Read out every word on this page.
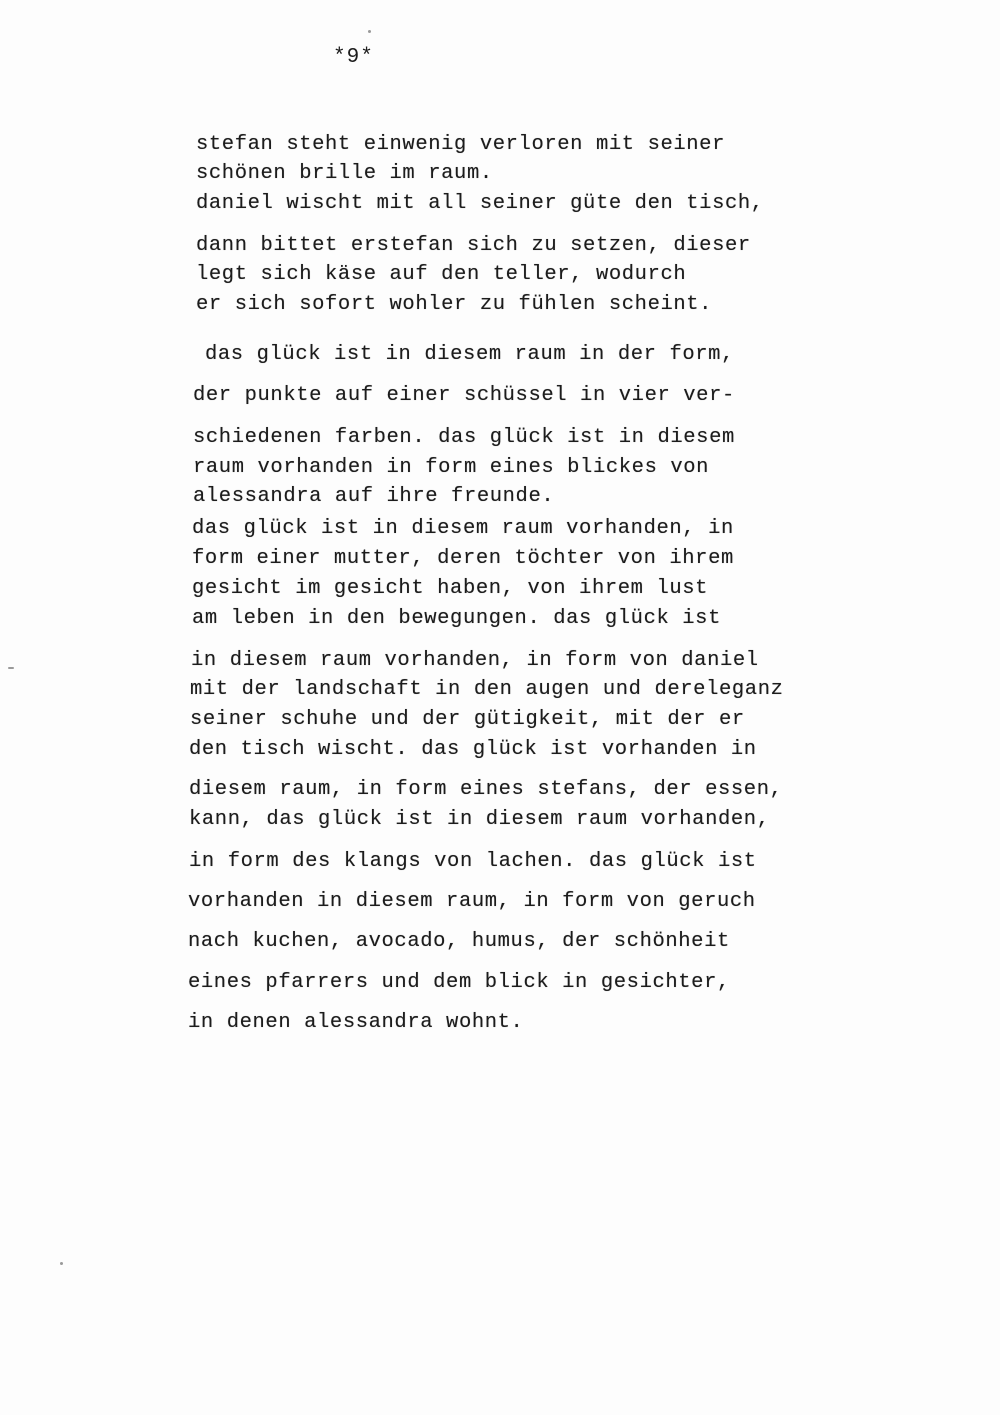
*9*

stefan steht einwenig verloren mit seiner

schönen brille im raum.

daniel wischt mit all seiner güte den tisch,

dann bittet erstefan sich zu setzen, dieser

legt sich käse auf den teller, wodurch

er sich sofort wohler zu fühlen scheint.

das glück ist in diesem raum in der form,

der punkte auf einer schüssel in vier ver-

schiedenen farben. das glück ist in diesem

raum vorhanden in form eines blickes von

alessandra auf ihre freunde.

das glück ist in diesem raum vorhanden, in

form einer mutter, deren töchter von ihrem

gesicht im gesicht haben, von ihrem lust

am leben in den bewegungen. das glück ist

in diesem raum vorhanden, in form von daniel

mit der landschaft in den augen und dereleganz

seiner schuhe und der gütigkeit, mit der er

den tisch wischt. das glück ist vorhanden in

diesem raum, in form eines stefans, der essen,

kann, das glück ist in diesem raum vorhanden,

in form des klangs von lachen. das glück ist

vorhanden in diesem raum, in form von geruch

nach kuchen, avocado, humus, der schönheit

eines pfarrers und dem blick in gesichter,

in denen alessandra wohnt.
